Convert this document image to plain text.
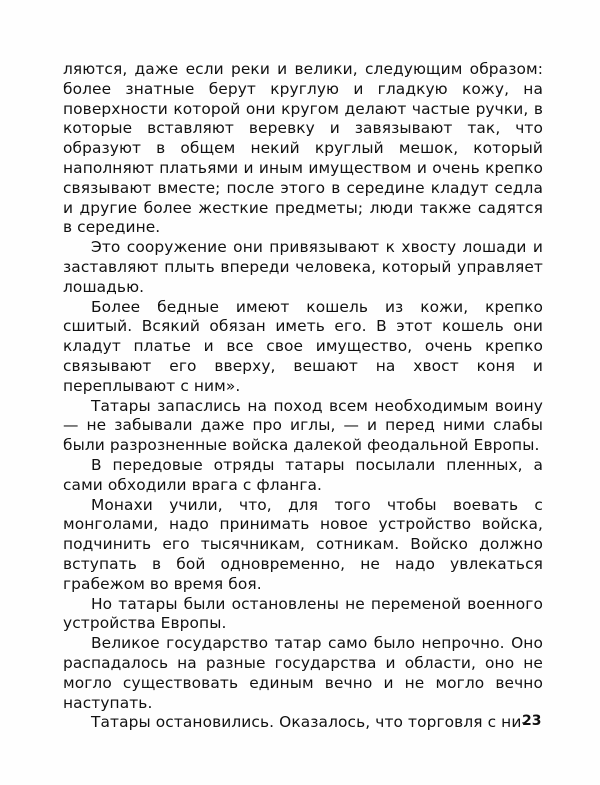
ляются, даже если реки и велики, следующим образом: более знатные берут круглую и гладкую кожу, на поверхности которой они кругом делают частые ручки, в которые вставляют веревку и завязывают так, что образуют в общем некий круглый мешок, который наполняют платьями и иным имуществом и очень крепко связывают вместе; после этого в середине кладут седла и другие более жесткие предметы; люди также садятся в середине.

Это сооружение они привязывают к хвосту лошади и заставляют плыть впереди человека, который управляет лошадью.

Более бедные имеют кошель из кожи, крепко сшитый. Всякий обязан иметь его. В этот кошель они кладут платье и все свое имущество, очень крепко связывают его вверху, вешают на хвост коня и переплывают с ним».

Татары запаслись на поход всем необходимым воину — не забывали даже про иглы, — и перед ними слабы были разрозненные войска далекой феодальной Европы.

В передовые отряды татары посылали пленных, а сами обходили врага с фланга.

Монахи учили, что, для того чтобы воевать с монголами, надо принимать новое устройство войска, подчинить его тысячникам, сотникам. Войско должно вступать в бой одновременно, не надо увлекаться грабежом во время боя.

Но татары были остановлены не переменой военного устройства Европы.

Великое государство татар само было непрочно. Оно распадалось на разные государства и области, оно не могло существовать единым вечно и не могло вечно наступать.

Татары остановились. Оказалось, что торговля с ни-

23
